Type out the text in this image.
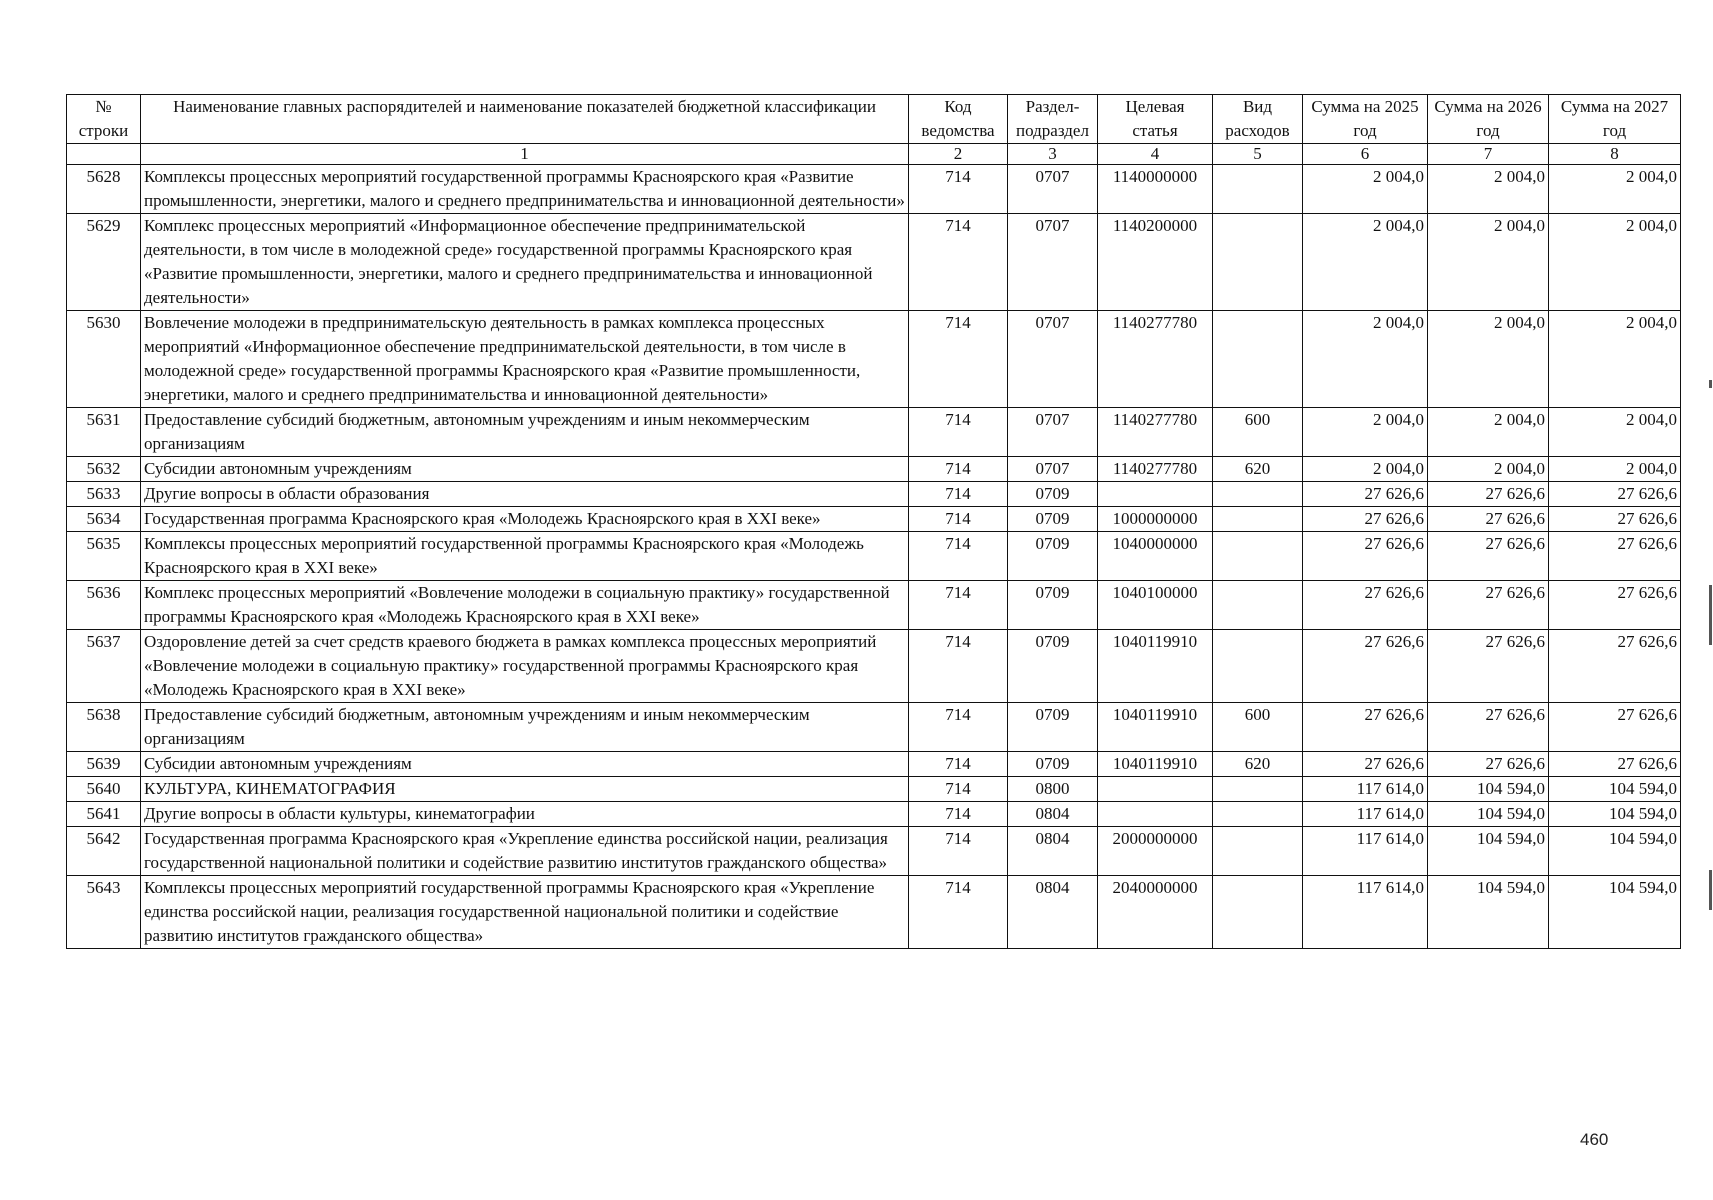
№ строки	Наименование главных распорядителей и наименование показателей бюджетной классификации	Код ведомства	Раздел-подраздел	Целевая статья	Вид расходов	Сумма на 2025 год	Сумма на 2026 год	Сумма на 2027 год
	1	2	3	4	5	6	7	8
5628	Комплексы процессных мероприятий государственной программы Красноярского края «Развитие промышленности, энергетики, малого и среднего предпринимательства и инновационной деятельности»	714	0707	1140000000		2 004,0	2 004,0	2 004,0
5629	Комплекс процессных мероприятий «Информационное обеспечение предпринимательской деятельности, в том числе в молодежной среде» государственной программы Красноярского края «Развитие промышленности, энергетики, малого и среднего предпринимательства и инновационной деятельности»	714	0707	1140200000		2 004,0	2 004,0	2 004,0
5630	Вовлечение молодежи в предпринимательскую деятельность в рамках комплекса процессных мероприятий «Информационное обеспечение предпринимательской деятельности, в том числе в молодежной среде» государственной программы Красноярского края «Развитие промышленности, энергетики, малого и среднего предпринимательства и инновационной деятельности»	714	0707	1140277780		2 004,0	2 004,0	2 004,0
5631	Предоставление субсидий бюджетным, автономным учреждениям и иным некоммерческим организациям	714	0707	1140277780	600	2 004,0	2 004,0	2 004,0
5632	Субсидии автономным учреждениям	714	0707	1140277780	620	2 004,0	2 004,0	2 004,0
5633	Другие вопросы в области образования	714	0709			27 626,6	27 626,6	27 626,6
5634	Государственная программа Красноярского края «Молодежь Красноярского края в XXI веке»	714	0709	1000000000		27 626,6	27 626,6	27 626,6
5635	Комплексы процессных мероприятий государственной программы Красноярского края «Молодежь Красноярского края в XXI веке»	714	0709	1040000000		27 626,6	27 626,6	27 626,6
5636	Комплекс процессных мероприятий «Вовлечение молодежи в социальную практику» государственной программы Красноярского края «Молодежь Красноярского края в XXI веке»	714	0709	1040100000		27 626,6	27 626,6	27 626,6
5637	Оздоровление детей за счет средств краевого бюджета в рамках комплекса процессных мероприятий «Вовлечение молодежи в социальную практику» государственной программы Красноярского края «Молодежь Красноярского края в XXI веке»	714	0709	1040119910		27 626,6	27 626,6	27 626,6
5638	Предоставление субсидий бюджетным, автономным учреждениям и иным некоммерческим организациям	714	0709	1040119910	600	27 626,6	27 626,6	27 626,6
5639	Субсидии автономным учреждениям	714	0709	1040119910	620	27 626,6	27 626,6	27 626,6
5640	КУЛЬТУРА, КИНЕМАТОГРАФИЯ	714	0800			117 614,0	104 594,0	104 594,0
5641	Другие вопросы в области культуры, кинематографии	714	0804			117 614,0	104 594,0	104 594,0
5642	Государственная программа Красноярского края «Укрепление единства российской нации, реализация государственной национальной политики и содействие развитию институтов гражданского общества»	714	0804	2000000000		117 614,0	104 594,0	104 594,0
5643	Комплексы процессных мероприятий государственной программы Красноярского края «Укрепление единства российской нации, реализация государственной национальной политики и содействие развитию институтов гражданского общества»	714	0804	2040000000		117 614,0	104 594,0	104 594,0
460
